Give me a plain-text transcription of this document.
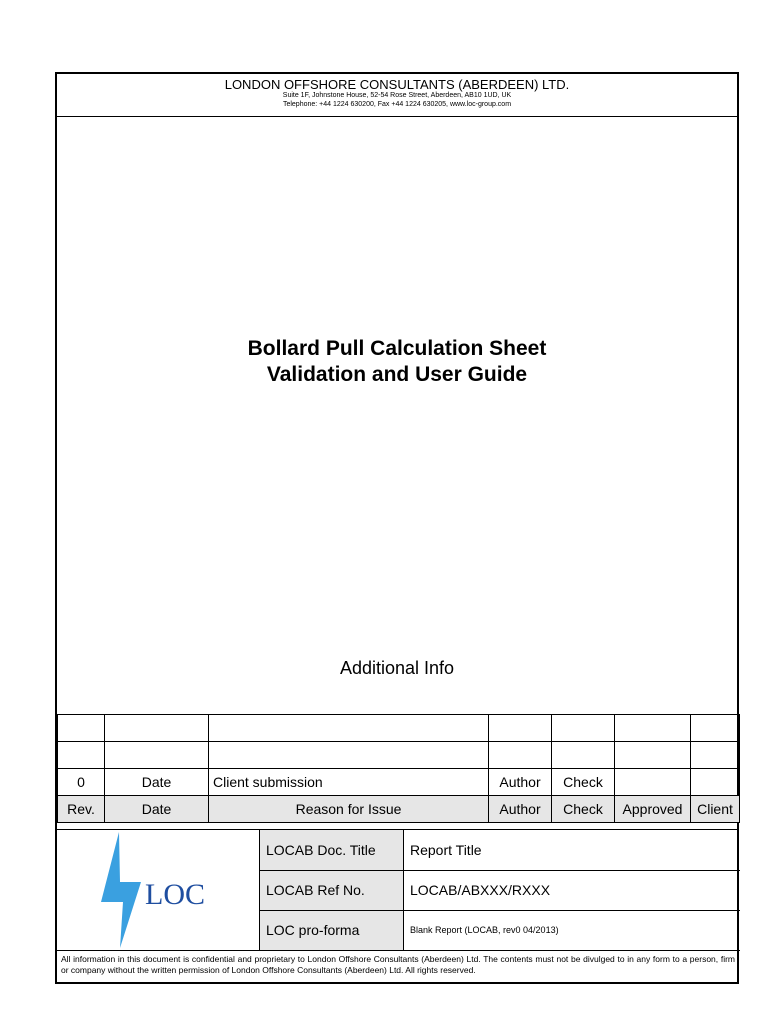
LONDON OFFSHORE CONSULTANTS (ABERDEEN) LTD.
Suite 1F, Johnstone House, 52-54 Rose Street, Aberdeen, AB10 1UD, UK
Telephone: +44 1224 630200, Fax +44 1224 630205, www.loc-group.com
Bollard Pull Calculation Sheet
Validation and User Guide
Additional Info

0	Date	Client submission	Author	Check		
Rev.	Date	Reason for Issue	Author	Check	Approved	Client
LOC
LOCAB Doc. Title	Report Title
LOCAB Ref No.	LOCAB/ABXXX/RXXX
LOC pro-forma	Blank Report (LOCAB, rev0 04/2013)
All information in this document is confidential and proprietary to London Offshore Consultants (Aberdeen) Ltd. The contents must not be divulged to in any form to a person, firm or company without the written permission of London Offshore Consultants (Aberdeen) Ltd. All rights reserved.
